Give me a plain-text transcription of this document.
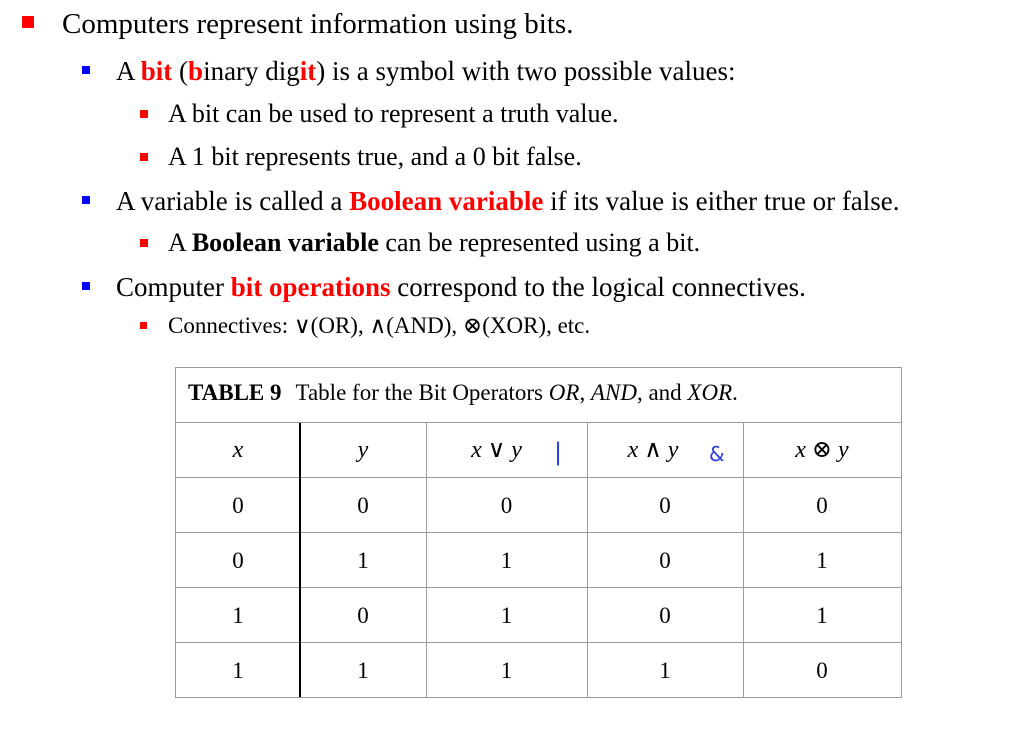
Computers represent information using bits.
A bit (binary digit) is a symbol with two possible values:
A bit can be used to represent a truth value.
A 1 bit represents true, and a 0 bit false.
A variable is called a Boolean variable if its value is either true or false.
A Boolean variable can be represented using a bit.
Computer bit operations correspond to the logical connectives.
Connectives: ∨(OR), ∧(AND), ⊗(XOR), etc.
TABLE 9 Table for the Bit Operators OR, AND, and XOR.
x	y	x ∨ y |	x ∧ y &	x ⊗ y
0	0	0	0	0
0	1	1	0	1
1	0	1	0	1
1	1	1	1	0
